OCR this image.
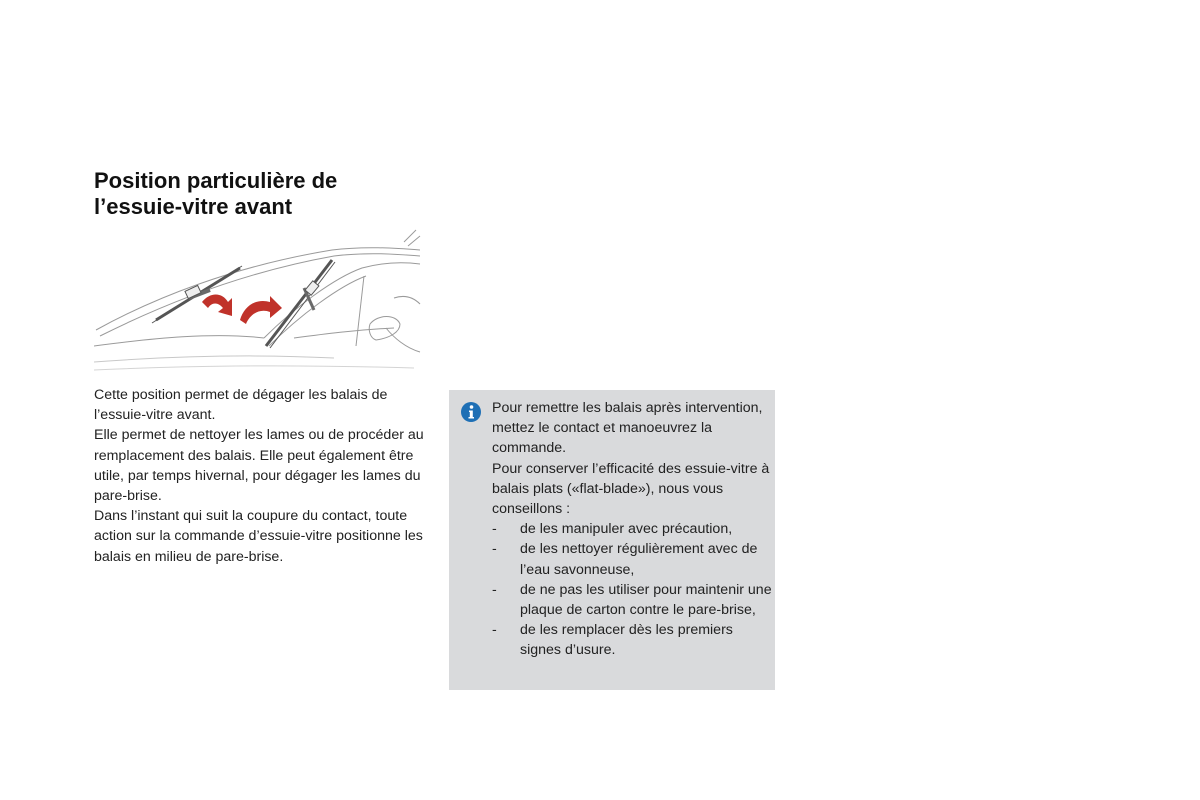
Position particulière de
l’essuie-vitre avant

Cette position permet de dégager les balais de l’essuie-vitre avant.

Elle permet de nettoyer les lames ou de procéder au remplacement des balais. Elle peut également être utile, par temps hivernal, pour dégager les lames du pare-brise.

Dans l’instant qui suit la coupure du contact, toute action sur la commande d’essuie-vitre positionne les balais en milieu de pare-brise.

Pour remettre les balais après intervention, mettez le contact et manoeuvrez la commande.

Pour conserver l’efficacité des essuie-vitre à balais plats («flat-blade»), nous vous conseillons :

- de les manipuler avec précaution,
- de les nettoyer régulièrement avec de l’eau savonneuse,
- de ne pas les utiliser pour maintenir une plaque de carton contre le pare-brise,
- de les remplacer dès les premiers signes d’usure.
